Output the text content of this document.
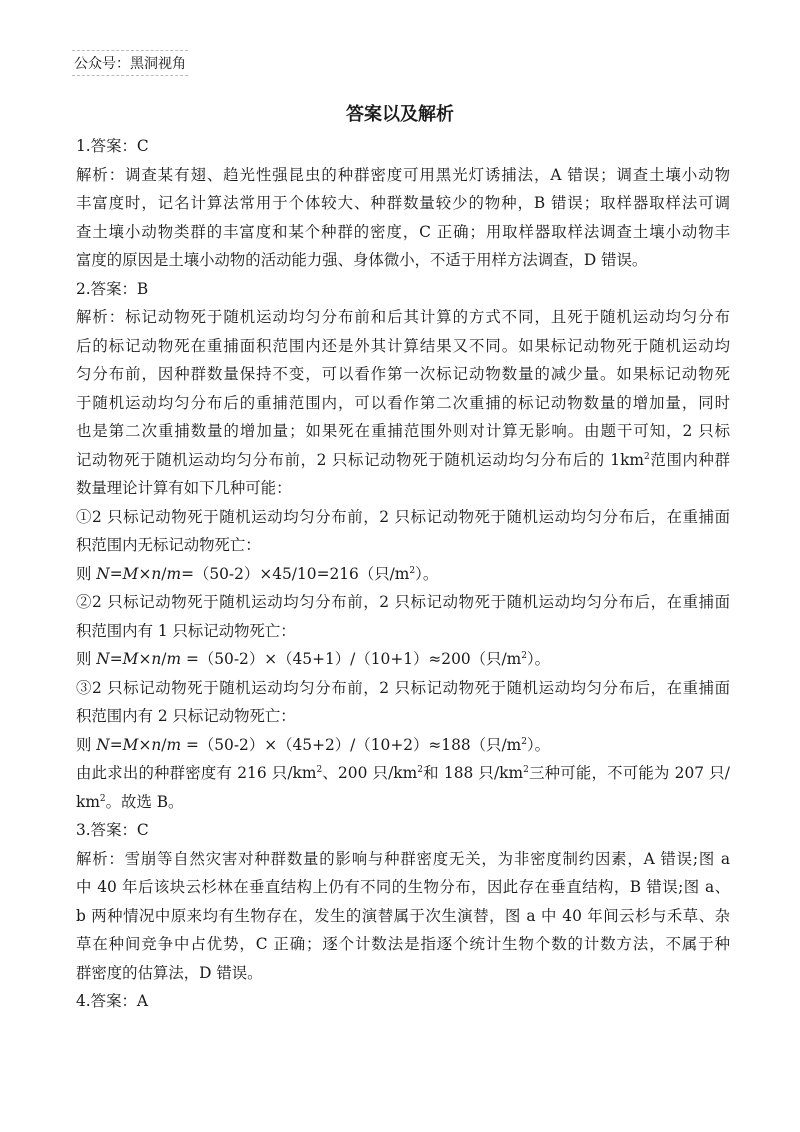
公众号：黑洞视角
答案以及解析
1.答案：C
解析：调查某有翅、趋光性强昆虫的种群密度可用黑光灯诱捕法，A 错误；调查土壤小动物
丰富度时，记名计算法常用于个体较大、种群数量较少的物种，B 错误；取样器取样法可调
查土壤小动物类群的丰富度和某个种群的密度，C 正确；用取样器取样法调查土壤小动物丰
富度的原因是土壤小动物的活动能力强、身体微小，不适于用样方法调查，D 错误。
2.答案：B
解析：标记动物死于随机运动均匀分布前和后其计算的方式不同，且死于随机运动均匀分布
后的标记动物死在重捕面积范围内还是外其计算结果又不同。如果标记动物死于随机运动均
匀分布前，因种群数量保持不变，可以看作第一次标记动物数量的减少量。如果标记动物死
于随机运动均匀分布后的重捕范围内，可以看作第二次重捕的标记动物数量的增加量，同时
也是第二次重捕数量的增加量；如果死在重捕范围外则对计算无影响。由题干可知，2 只标
记动物死于随机运动均匀分布前，2 只标记动物死于随机运动均匀分布后的 $1km^2$范围内种群
数量理论计算有如下几种可能：
①2 只标记动物死于随机运动均匀分布前，2 只标记动物死于随机运动均匀分布后，在重捕面
积范围内无标记动物死亡：
则 N=M×n/m=（50-2）×45/10=216（只$/m^2$）。
②2 只标记动物死于随机运动均匀分布前，2 只标记动物死于随机运动均匀分布后，在重捕面
积范围内有 1 只标记动物死亡：
则 N=M×n/m =（50-2）×（45+1）/（10+1）≈200（只$/m^2$）。
③2 只标记动物死于随机运动均匀分布前，2 只标记动物死于随机运动均匀分布后，在重捕面
积范围内有 2 只标记动物死亡：
则 N=M×n/m =（50-2）×（45+2）/（10+2）≈188（只$/m^2$）。
由此求出的种群密度有 216 只$/km^2$、200 只$/km^2$和 188 只$/km^2$三种可能，不可能为 207 只/
$km^2$。故选 B。
3.答案：C
解析：雪崩等自然灾害对种群数量的影响与种群密度无关，为非密度制约因素，A 错误;图 a
中 40 年后该块云杉林在垂直结构上仍有不同的生物分布，因此存在垂直结构，B 错误;图 a、
b 两种情况中原来均有生物存在，发生的演替属于次生演替，图 a 中 40 年间云杉与禾草、杂
草在种间竞争中占优势，C 正确；逐个计数法是指逐个统计生物个数的计数方法，不属于种
群密度的估算法，D 错误。
4.答案：A
